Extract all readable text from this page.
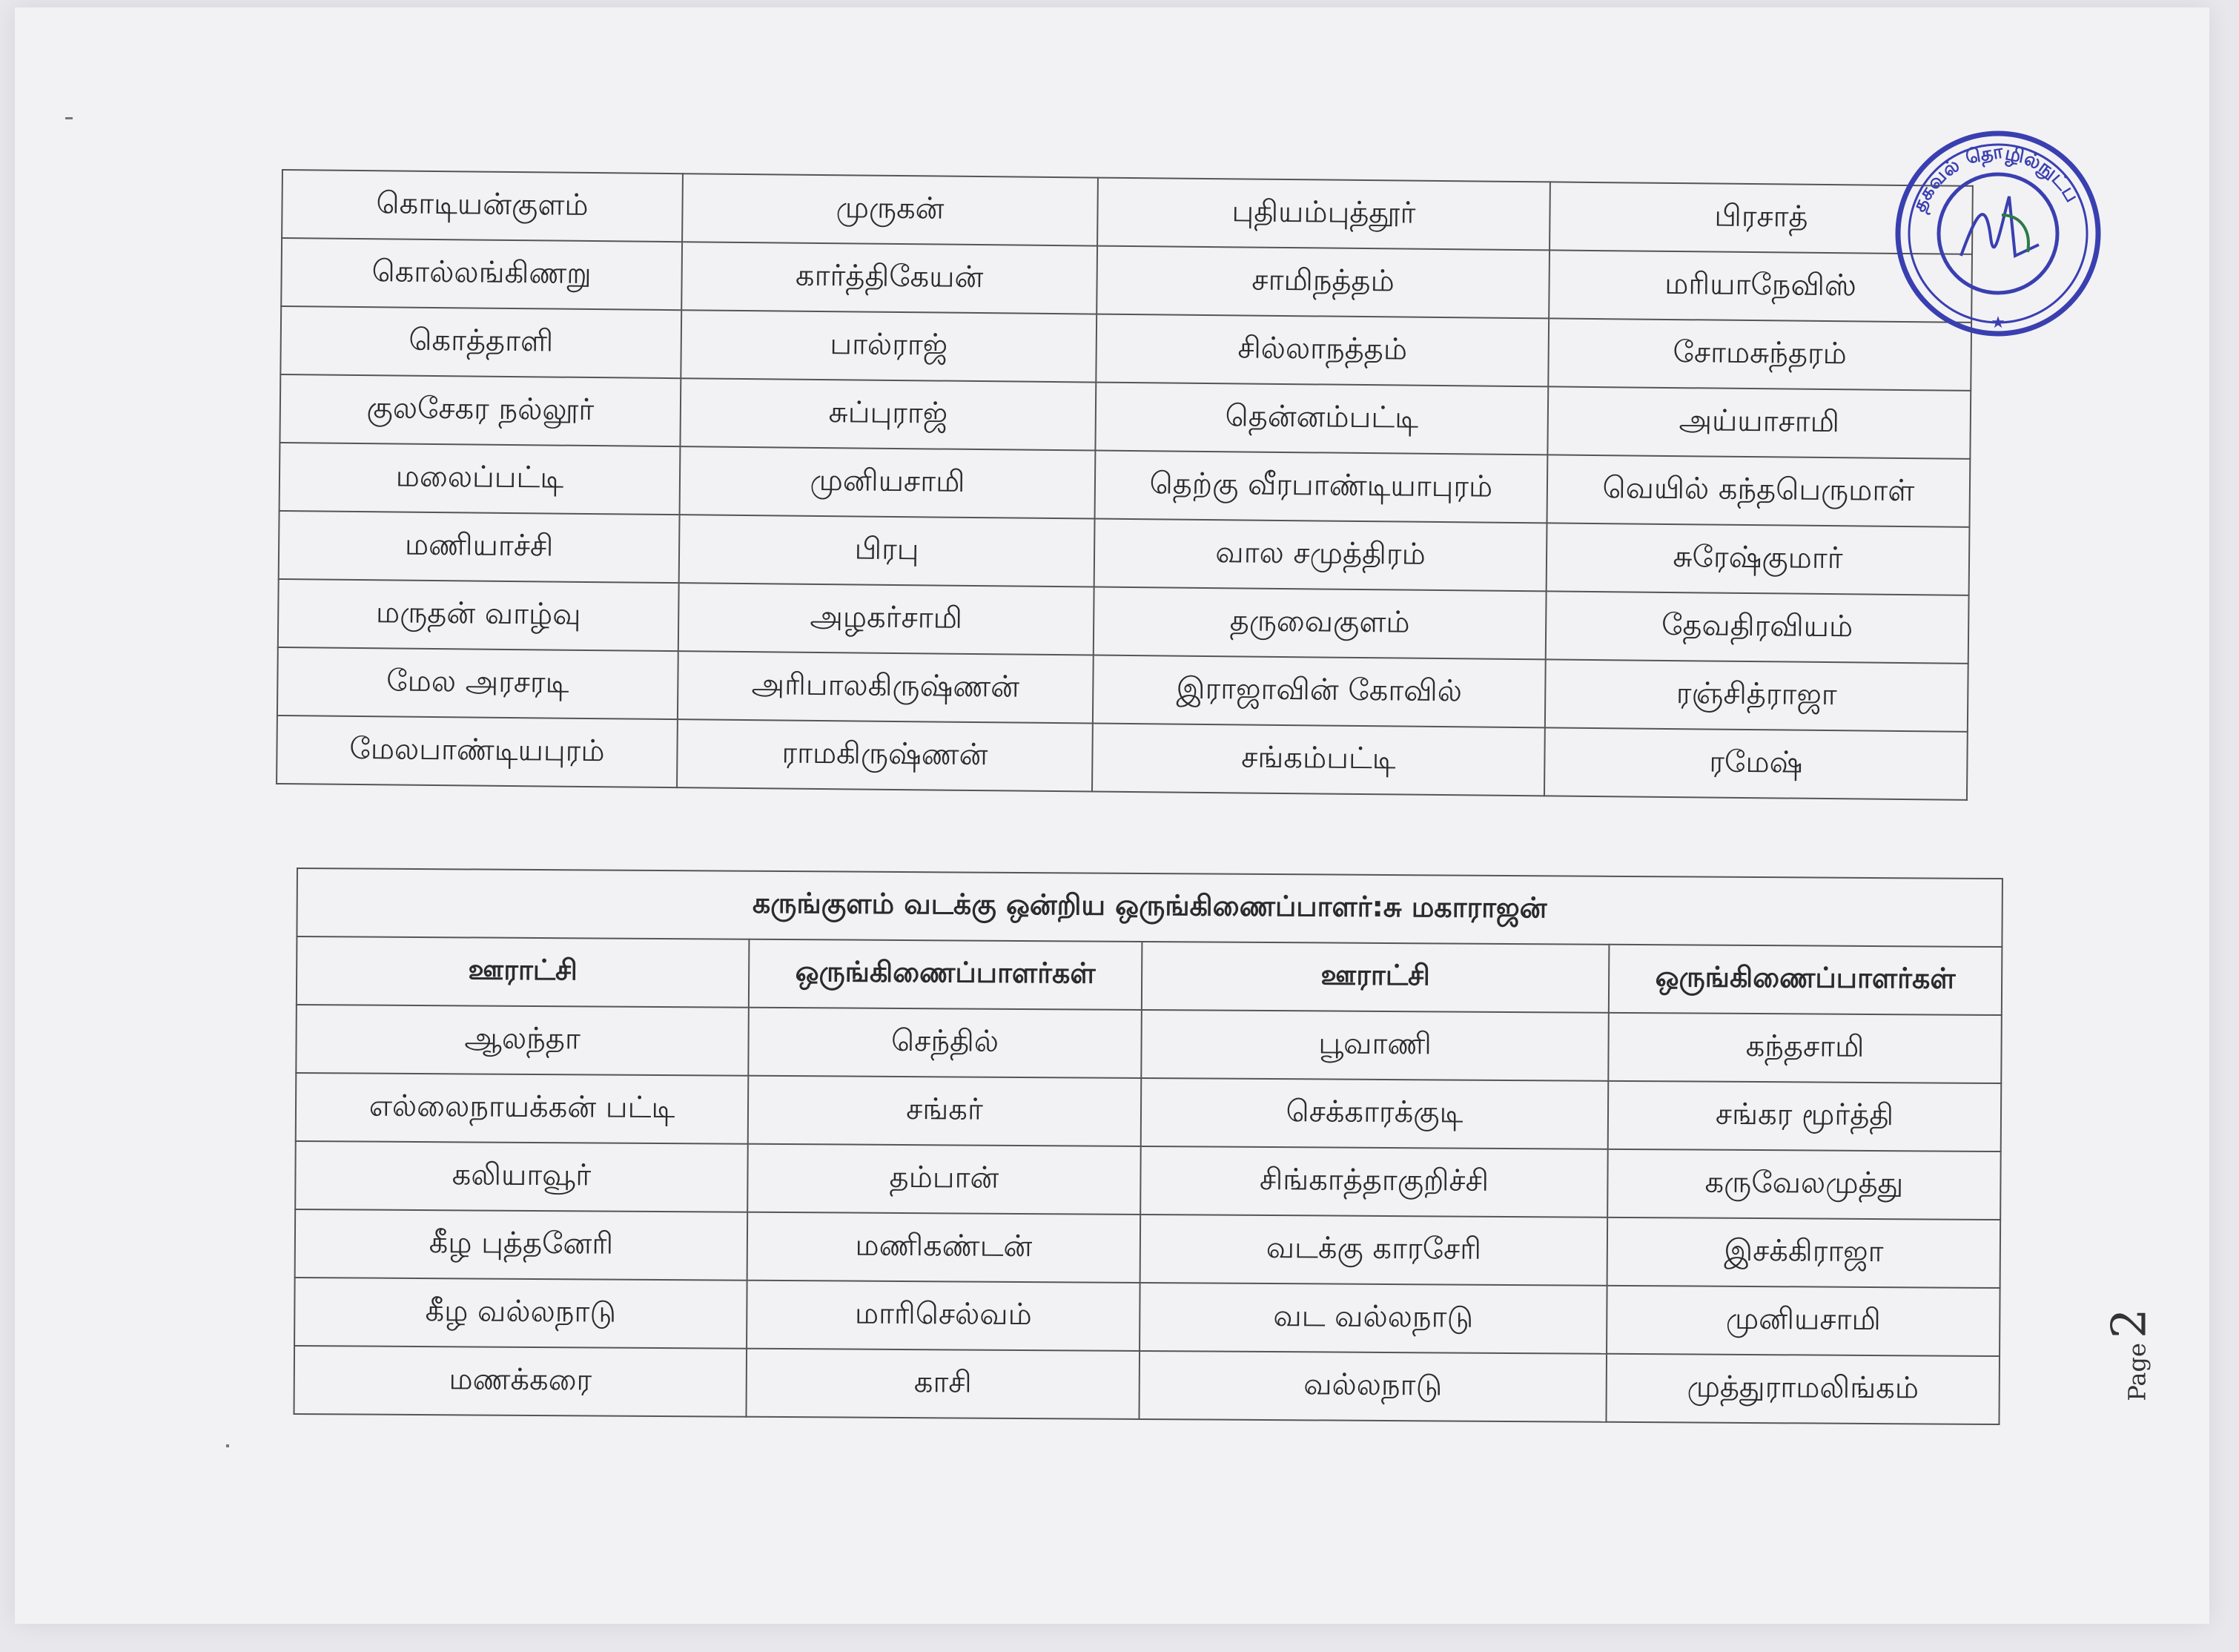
கொடியன்குளம்	முருகன்	புதியம்புத்தூர்	பிரசாத்
கொல்லங்கிணறு	கார்த்திகேயன்	சாமிநத்தம்	மரியாநேவிஸ்
கொத்தாளி	பால்ராஜ்	சில்லாநத்தம்	சோமசுந்தரம்
குலசேகர நல்லூர்	சுப்புராஜ்	தென்னம்பட்டி	அய்யாசாமி
மலைப்பட்டி	முனியசாமி	தெற்கு வீரபாண்டியாபுரம்	வெயில் கந்தபெருமாள்
மணியாச்சி	பிரபு	வால சமுத்திரம்	சுரேஷ்குமார்
மருதன் வாழ்வு	அழகர்சாமி	தருவைகுளம்	தேவதிரவியம்
மேல அரசரடி	அரிபாலகிருஷ்ணன்	இராஜாவின் கோவில்	ரஞ்சித்ராஜா
மேலபாண்டியபுரம்	ராமகிருஷ்ணன்	சங்கம்பட்டி	ரமேஷ்
கருங்குளம் வடக்கு ஒன்றிய ஒருங்கிணைப்பாளர்:சு மகாராஜன்			
ஊராட்சி	ஒருங்கிணைப்பாளர்கள்	ஊராட்சி	ஒருங்கிணைப்பாளர்கள்
ஆலந்தா	செந்தில்	பூவாணி	கந்தசாமி
எல்லைநாயக்கன் பட்டி	சங்கர்	செக்காரக்குடி	சங்கர மூர்த்தி
கலியாவூர்	தம்பான்	சிங்காத்தாகுறிச்சி	கருவேலமுத்து
கீழ புத்தனேரி	மணிகண்டன்	வடக்கு காரசேரி	இசக்கிராஜா
கீழ வல்லநாடு	மாரிசெல்வம்	வட வல்லநாடு	முனியசாமி
மணக்கரை	காசி	வல்லநாடு	முத்துராமலிங்கம்
★
தகவல் தொழில்நுட்ப
Page
2
